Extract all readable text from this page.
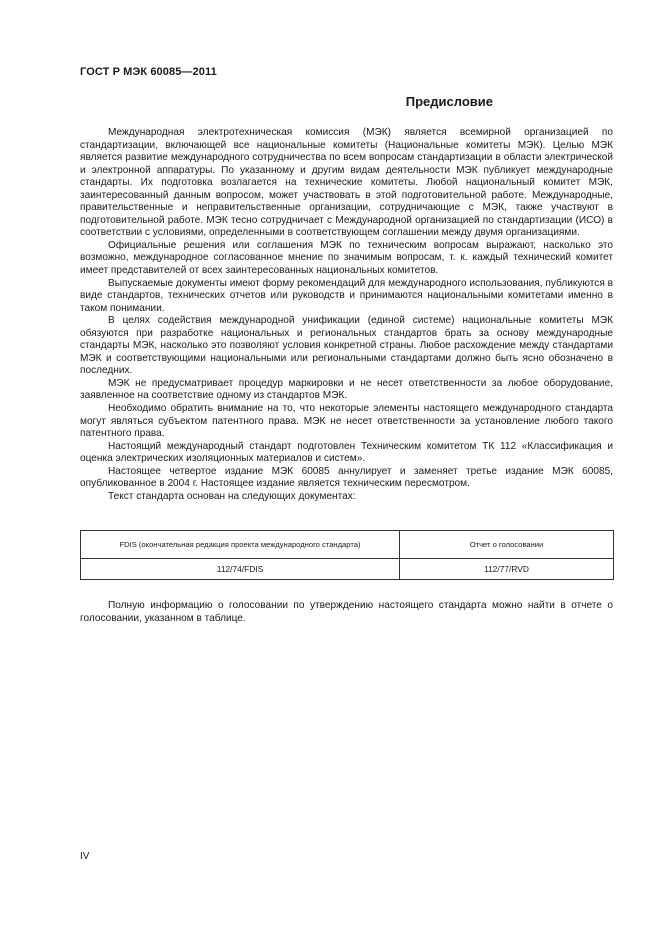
ГОСТ Р МЭК 60085—2011
Предисловие

Международная электротехническая комиссия (МЭК) является всемирной организацией по стандартизации, включающей все национальные комитеты (Национальные комитеты МЭК). Целью МЭК является развитие международного сотрудничества по всем вопросам стандартизации в области электрической и электронной аппаратуры. По указанному и другим видам деятельности МЭК публикует международные стандарты. Их подготовка возлагается на технические комитеты. Любой национальный комитет МЭК, заинтересованный данным вопросом, может участвовать в этой подготовительной работе. Международные, правительственные и неправительственные организации, сотрудничающие с МЭК, также участвуют в подготовительной работе. МЭК тесно сотрудничает с Международной организацией по стандартизации (ИСО) в соответствии с условиями, определенными в соответствующем соглашении между двумя организациями.

Официальные решения или соглашения МЭК по техническим вопросам выражают, насколько это возможно, международное согласованное мнение по значимым вопросам, т. к. каждый технический комитет имеет представителей от всех заинтересованных национальных комитетов.

Выпускаемые документы имеют форму рекомендаций для международного использования, публикуются в виде стандартов, технических отчетов или руководств и принимаются национальными комитетами именно в таком понимании.

В целях содействия международной унификации (единой системе) национальные комитеты МЭК обязуются при разработке национальных и региональных стандартов брать за основу международные стандарты МЭК, насколько это позволяют условия конкретной страны. Любое расхождение между стандартами МЭК и соответствующими национальными или региональными стандартами должно быть ясно обозначено в последних.

МЭК не предусматривает процедур маркировки и не несет ответственности за любое оборудование, заявленное на соответствие одному из стандартов МЭК.

Необходимо обратить внимание на то, что некоторые элементы настоящего международного стандарта могут являться субъектом патентного права. МЭК не несет ответственности за установление любого такого патентного права.

Настоящий международный стандарт подготовлен Техническим комитетом ТК 112 «Классификация и оценка электрических изоляционных материалов и систем».

Настоящее четвертое издание МЭК 60085 аннулирует и заменяет третье издание МЭК 60085, опубликованное в 2004 г. Настоящее издание является техническим пересмотром.

Текст стандарта основан на следующих документах:

FDIS (окончательная редакция проекта международного стандарта)	Отчет о голосовании
112/74/FDIS	112/77/RVD

Полную информацию о голосовании по утверждению настоящего стандарта можно найти в отчете о голосовании, указанном в таблице.

IV
